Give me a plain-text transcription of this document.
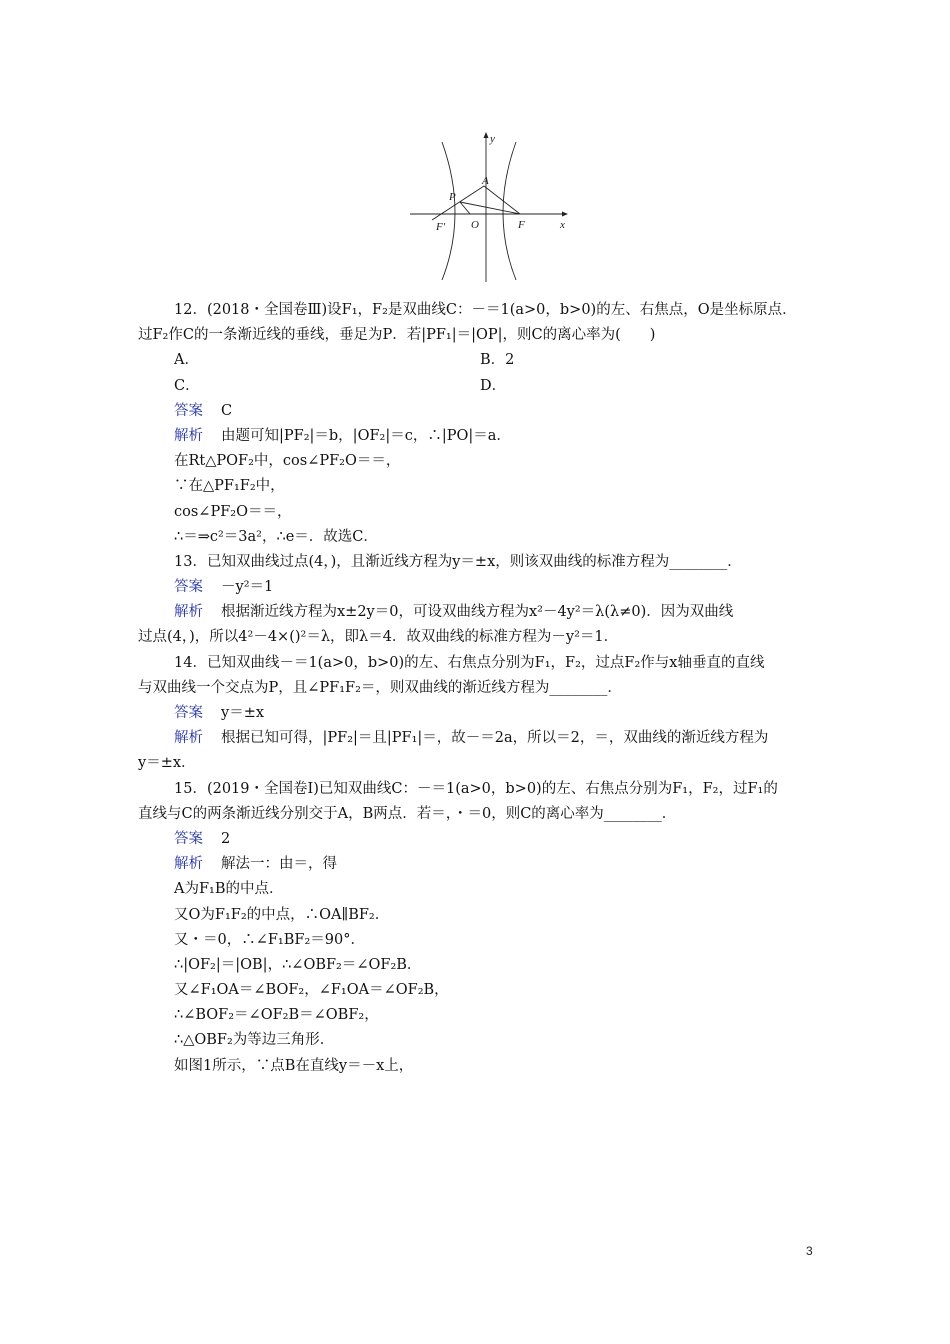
y
x
A
P
O	F
F′
12．(2018・全国卷Ⅲ)设F₁，F₂是双曲线C：－＝1(a>0，b>0)的左、右焦点，O是坐标原点．
过F₂作C的一条渐近线的垂线，垂足为P．若|PF₁|＝|OP|，则C的离心率为(　　)
A．	B．2
C．	D．
答案 C
解析 由题可知|PF₂|＝b，|OF₂|＝c，∴|PO|＝a．
在Rt△POF₂中，cos∠PF₂O＝＝，
∵在△PF₁F₂中，
cos∠PF₂O＝＝，
∴＝⇒c²＝3a²，∴e＝．故选C．
13．已知双曲线过点(4，)，且渐近线方程为y＝±x，则该双曲线的标准方程为________．
答案 －y²＝1
解析 根据渐近线方程为x±2y＝0，可设双曲线方程为x²－4y²＝λ(λ≠0)．因为双曲线
过点(4，)，所以4²－4×()²＝λ，即λ＝4．故双曲线的标准方程为－y²＝1．
14．已知双曲线－＝1(a>0，b>0)的左、右焦点分别为F₁，F₂，过点F₂作与x轴垂直的直线
与双曲线一个交点为P，且∠PF₁F₂＝，则双曲线的渐近线方程为________．
答案 y＝±x
解析 根据已知可得，|PF₂|＝且|PF₁|＝，故－＝2a，所以＝2，＝，双曲线的渐近线方程为
y＝±x．
15．(2019・全国卷Ⅰ)已知双曲线C：－＝1(a>0，b>0)的左、右焦点分别为F₁，F₂，过F₁的
直线与C的两条渐近线分别交于A，B两点．若＝，・＝0，则C的离心率为________．
答案 2
解析 解法一：由＝，得
A为F₁B的中点．
又O为F₁F₂的中点，∴OA∥BF₂．
又・＝0，∴∠F₁BF₂＝90°．
∴|OF₂|＝|OB|，∴∠OBF₂＝∠OF₂B．
又∠F₁OA＝∠BOF₂，∠F₁OA＝∠OF₂B，
∴∠BOF₂＝∠OF₂B＝∠OBF₂，
∴△OBF₂为等边三角形．
如图1所示，∵点B在直线y＝－x上，
3
